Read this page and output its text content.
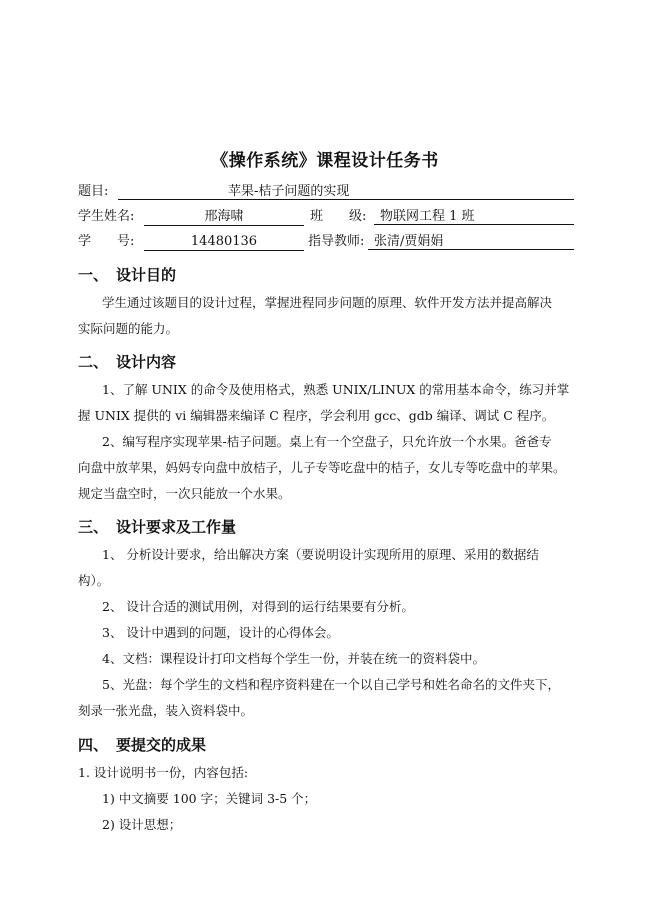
《操作系统》课程设计任务书
题目:	苹果-桔子问题的实现
学生姓名:	邢海啸	班　　级:	物联网工程 1 班
学　　号:	14480136	指导教师: 张清/贾娟娟
一、 设计目的
学生通过该题目的设计过程，掌握进程同步问题的原理、软件开发方法并提高解决
实际问题的能力。
二、 设计内容
1、了解 UNIX 的命令及使用格式，熟悉 UNIX/LINUX 的常用基本命令，练习并掌
握 UNIX 提供的 vi 编辑器来编译 C 程序，学会利用 gcc、gdb 编译、调试 C 程序。
2、编写程序实现苹果-桔子问题。桌上有一个空盘子，只允许放一个水果。爸爸专
向盘中放苹果，妈妈专向盘中放桔子，儿子专等吃盘中的桔子，女儿专等吃盘中的苹果。
规定当盘空时，一次只能放一个水果。
三、 设计要求及工作量
1、 分析设计要求，给出解决方案（要说明设计实现所用的原理、采用的数据结
构）。
2、 设计合适的测试用例，对得到的运行结果要有分析。
3、 设计中遇到的问题，设计的心得体会。
4、文档：课程设计打印文档每个学生一份，并装在统一的资料袋中。
5、光盘：每个学生的文档和程序资料建在一个以自己学号和姓名命名的文件夹下，
刻录一张光盘，装入资料袋中。
四、 要提交的成果
1. 设计说明书一份，内容包括:
1) 中文摘要 100 字；关键词 3-5 个；
2) 设计思想；
